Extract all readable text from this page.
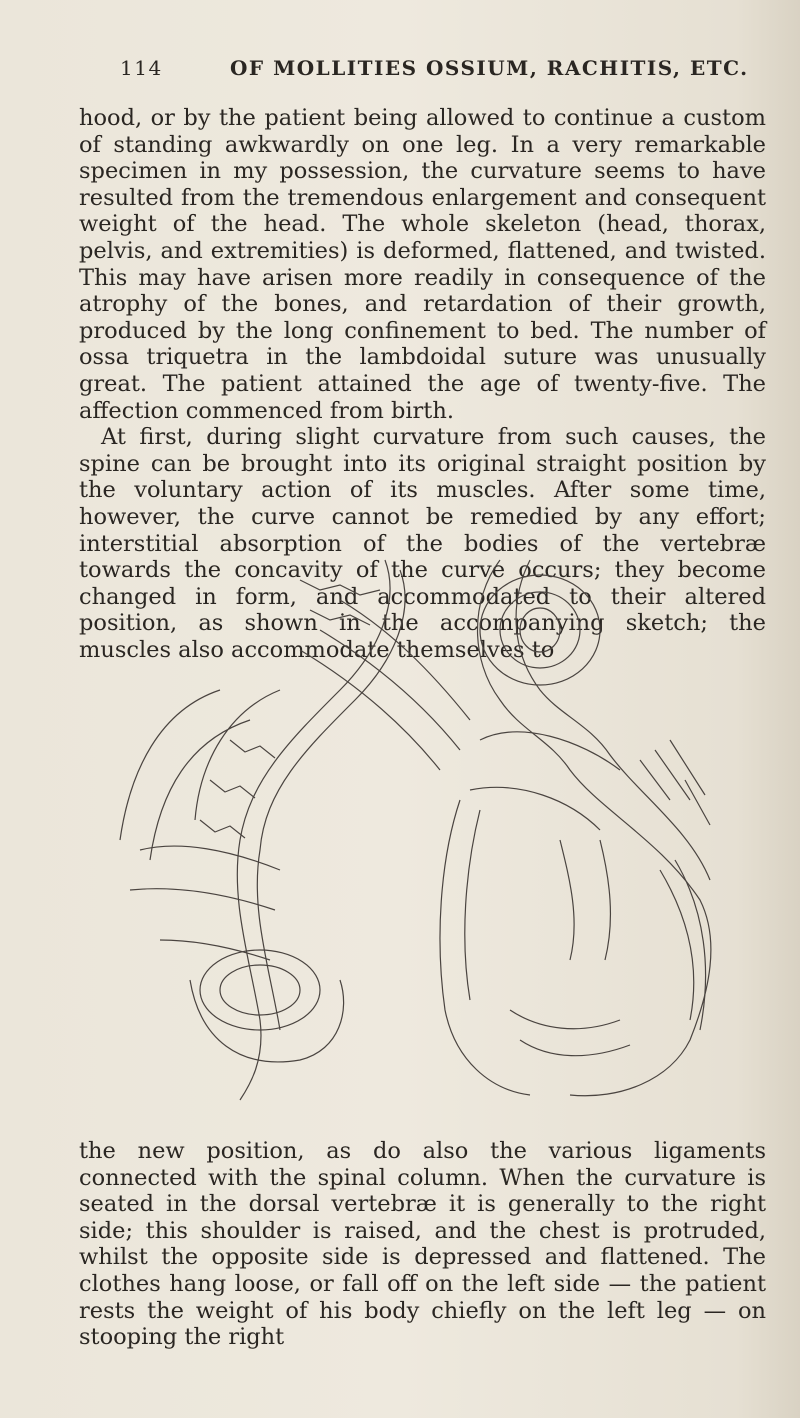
114	OF MOLLITIES OSSIUM, RACHITIS, ETC.

hood, or by the patient being allowed to continue a custom of standing awkwardly on one leg. In a very remarkable specimen in my possession, the curvature seems to have resulted from the tremendous enlargement and consequent weight of the head. The whole skeleton (head, thorax, pelvis, and extremities) is deformed, flattened, and twisted. This may have arisen more readily in consequence of the atrophy of the bones, and retardation of their growth, produced by the long confinement to bed. The number of ossa triquetra in the lambdoidal suture was unusually great. The patient attained the age of twenty-five. The affection commenced from birth.

At first, during slight curvature from such causes, the spine can be brought into its original straight position by the voluntary action of its muscles. After some time, however, the curve cannot be remedied by any effort; interstitial absorption of the bodies of the vertebræ towards the concavity of the curve occurs; they become changed in form, and accommodated to their altered position, as shown in the accompanying sketch; the muscles also accommodate themselves to

the new position, as do also the various ligaments connected with the spinal column. When the curvature is seated in the dorsal vertebræ it is generally to the right side; this shoulder is raised, and the chest is protruded, whilst the opposite side is depressed and flattened. The clothes hang loose, or fall off on the left side — the patient rests the weight of his body chiefly on the left leg — on stooping the right
